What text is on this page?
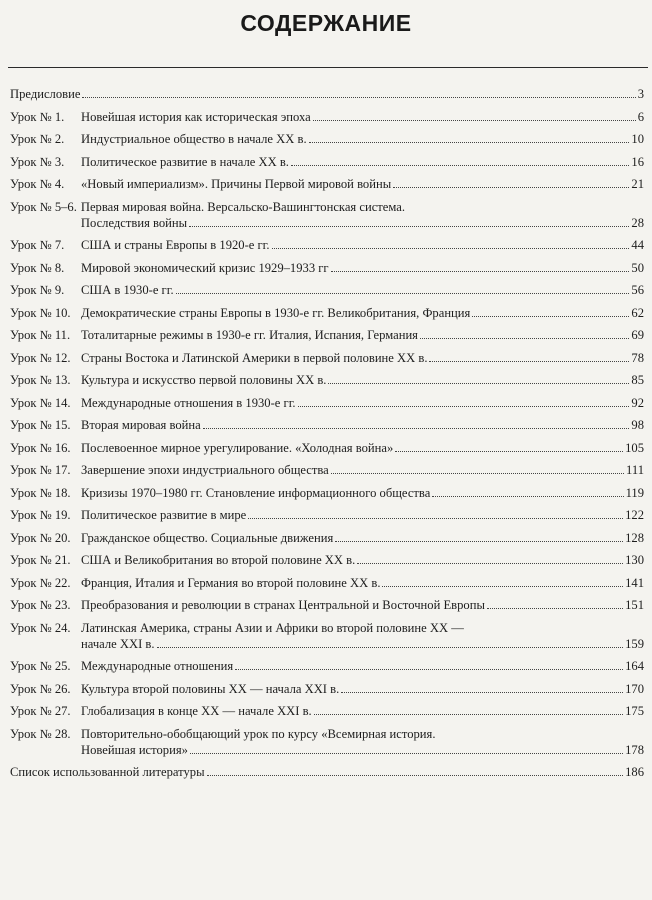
СОДЕРЖАНИЕ
Предисловие	3
Урок № 1.	Новейшая история как историческая эпоха	6
Урок № 2.	Индустриальное общество в начале XX в.	10
Урок № 3.	Политическое развитие в начале XX в.	16
Урок № 4.	«Новый империализм». Причины Первой мировой войны	21
Урок № 5–6. Первая мировая война. Версальско-Вашингтонская система.
Последствия войны	28
Урок № 7.	США и страны Европы в 1920-е гг.	44
Урок № 8.	Мировой экономический кризис 1929–1933 гг	50
Урок № 9.	США в 1930-е гг.	56
Урок № 10. Демократические страны Европы в 1930-е гг. Великобритания, Франция	62
Урок № 11. Тоталитарные режимы в 1930-е гг. Италия, Испания, Германия	69
Урок № 12. Страны Востока и Латинской Америки в первой половине XX в.	78
Урок № 13. Культура и искусство первой половины XX в.	85
Урок № 14. Международные отношения в 1930-е гг.	92
Урок № 15. Вторая мировая война	98
Урок № 16. Послевоенное мирное урегулирование. «Холодная война»	105
Урок № 17. Завершение эпохи индустриального общества	111
Урок № 18. Кризизы 1970–1980 гг. Становление информационного общества	119
Урок № 19. Политическое развитие в мире	122
Урок № 20. Гражданское общество. Социальные движения	128
Урок № 21. США и Великобритания во второй половине XX в.	130
Урок № 22. Франция, Италия и Германия во второй половине XX в.	141
Урок № 23. Преобразования и революции в странах Центральной и Восточной Европы	151
Урок № 24. Латинская Америка, страны Азии и Африки во второй половине XX —
начале XXI в.	159
Урок № 25. Международные отношения	164
Урок № 26. Культура второй половины XX — начала XXI в.	170
Урок № 27. Глобализация в концe XX — начале XXI в.	175
Урок № 28. Повторительно-обобщающий урок по курсу «Всемирная история.
Новейшая история»	178
Список использованной литературы	186
